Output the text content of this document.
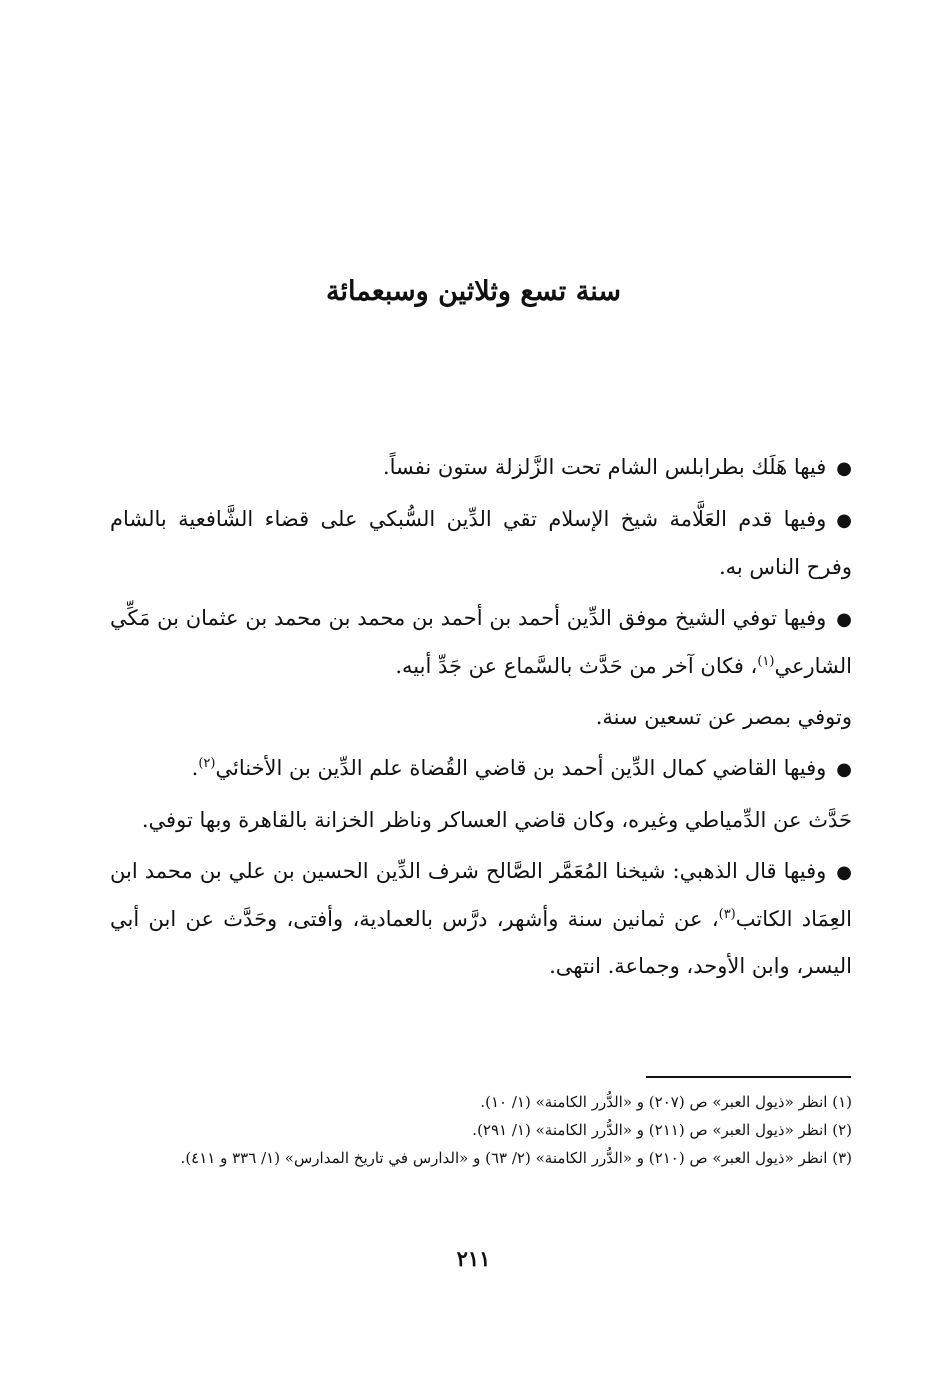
سنة تسع وثلاثين وسبعمائة

●فيها هَلَك بطرابلس الشام تحت الزَّلزلة ستون نفساً.

●وفيها قدم العَلَّامة شيخ الإسلام تقي الدِّين السُّبكي على قضاء الشَّافعية بالشام وفرح الناس به.

●وفيها توفي الشيخ موفق الدِّين أحمد بن أحمد بن محمد بن محمد بن عثمان بن مَكِّي الشارعي$^{(١)}$، فكان آخر من حَدَّث بالسَّماع عن جَدِّ أبيه.

وتوفي بمصر عن تسعين سنة.

●وفيها القاضي كمال الدِّين أحمد بن قاضي القُضاة علم الدِّين بن الأخنائي$^{(٢)}$.

حَدَّث عن الدِّمياطي وغيره، وكان قاضي العساكر وناظر الخزانة بالقاهرة وبها توفي.

●وفيها قال الذهبي: شيخنا المُعَمَّر الصَّالح شرف الدِّين الحسين بن علي بن محمد ابن العِمَاد الكاتب$^{(٣)}$، عن ثمانين سنة وأشهر، درَّس بالعمادية، وأفتى، وحَدَّث عن ابن أبي اليسر، وابن الأوحد، وجماعة. انتهى.

(١) انظر «ذيول العبر» ص (٢٠٧) و «الدُّرر الكامنة» (١/ ١٠).

(٢) انظر «ذيول العبر» ص (٢١١) و «الدُّرر الكامنة» (١/ ٢٩١).

(٣) انظر «ذيول العبر» ص (٢١٠) و «الدُّرر الكامنة» (٢/ ٦٣) و «الدارس في تاريخ المدارس» (١/ ٣٣٦ و ٤١١).

٢١١
